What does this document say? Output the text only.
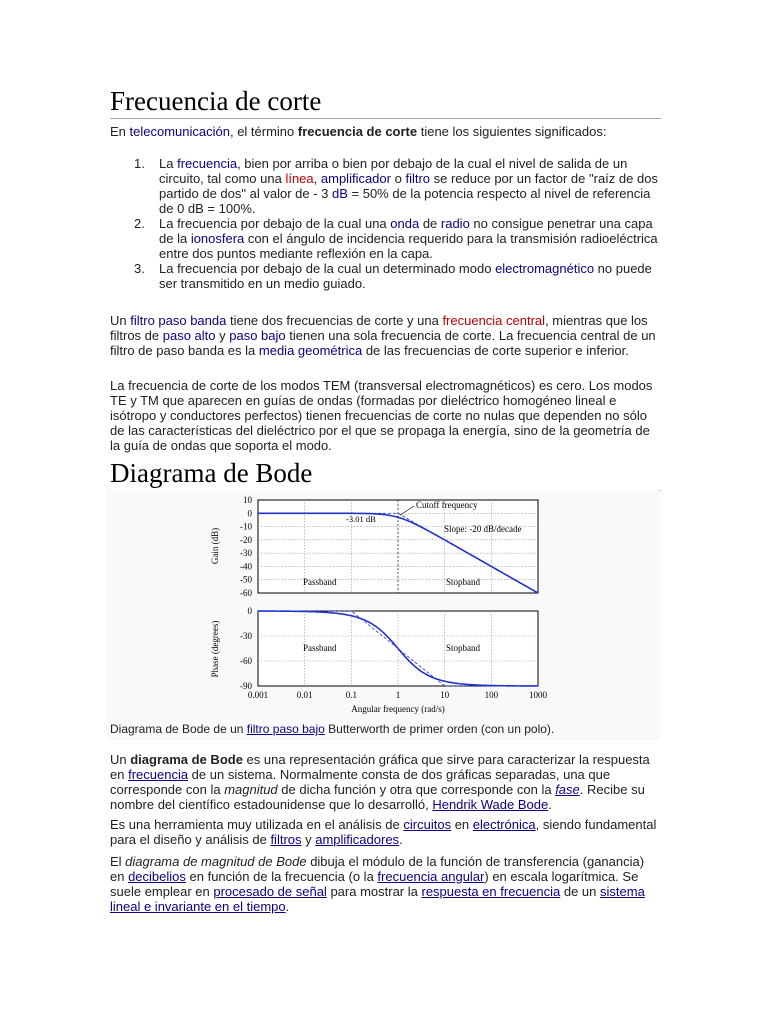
Frecuencia de corte

En telecomunicación, el término frecuencia de corte tiene los siguientes significados:

1. La frecuencia, bien por arriba o bien por debajo de la cual el nivel de salida de un circuito, tal como una línea, amplificador o filtro se reduce por un factor de "raíz de dos partido de dos" al valor de - 3 dB = 50% de la potencia respecto al nivel de referencia de 0 dB = 100%.
2. La frecuencia por debajo de la cual una onda de radio no consigue penetrar una capa de la ionosfera con el ángulo de incidencia requerido para la transmisión radioeléctrica entre dos puntos mediante reflexión en la capa.
3. La frecuencia por debajo de la cual un determinado modo electromagnético no puede ser transmitido en un medio guiado.

Un filtro paso banda tiene dos frecuencias de corte y una frecuencia central, mientras que los filtros de paso alto y paso bajo tienen una sola frecuencia de corte. La frecuencia central de un filtro de paso banda es la media geométrica de las frecuencias de corte superior e inferior.

La frecuencia de corte de los modos TEM (transversal electromagnéticos) es cero. Los modos TE y TM que aparecen en guías de ondas (formadas por dieléctrico homogéneo lineal e isótropo y conductores perfectos) tienen frecuencias de corte no nulas que dependen no sólo de las características del dieléctrico por el que se propaga la energía, sino de la geometría de la guía de ondas que soporta el modo.

Diagrama de Bode

Un diagrama de Bode es una representación gráfica que sirve para caracterizar la respuesta en frecuencia de un sistema. Normalmente consta de dos gráficas separadas, una que corresponde con la magnitud de dicha función y otra que corresponde con la fase. Recibe su nombre del científico estadounidense que lo desarrolló, Hendrik Wade Bode.

Es una herramienta muy utilizada en el análisis de circuitos en electrónica, siendo fundamental para el diseño y análisis de filtros y amplificadores.

El diagrama de magnitud de Bode dibuja el módulo de la función de transferencia (ganancia) en decibelios en función de la frecuencia (o la frecuencia angular) en escala logarítmica. Se suele emplear en procesado de señal para mostrar la respuesta en frecuencia de un sistema lineal e invariante en el tiempo.

10
0
-10
-20
-30
-40
-50
-60
Gain (dB)
Cutoff frequency
-3.01 dB
Slope: -20 dB/decade
Passband	Stopband
0
-30
-60
-90
Phase (degrees)	Passband	Stopband
0.001	0.01	0.1	1	10	100	1000
Angular frequency (rad/s)
Diagrama de Bode de un filtro paso bajo Butterworth de primer orden (con un polo).
